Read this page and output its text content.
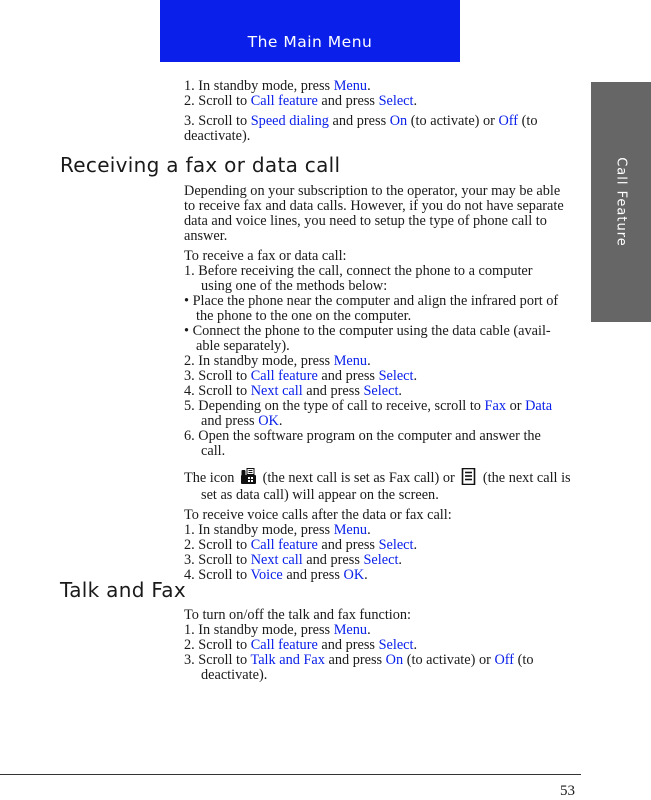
The Main Menu
Call Feature
1. In standby mode, press Menu.
2. Scroll to Call feature and press Select.
3. Scroll to Speed dialing and press On (to activate) or Off (to
deactivate).
Receiving a fax or data call
Depending on your subscription to the operator, your may be able
to receive fax and data calls. However, if you do not have separate
data and voice lines, you need to setup the type of phone call to
answer.
To receive a fax or data call:
1. Before receiving the call, connect the phone to a computer
using one of the methods below:
• Place the phone near the computer and align the infrared port of
the phone to the one on the computer.
• Connect the phone to the computer using the data cable (avail-
able separately).
2. In standby mode, press Menu.
3. Scroll to Call feature and press Select.
4. Scroll to Next call and press Select.
5. Depending on the type of call to receive, scroll to Fax or Data
and press OK.
6. Open the software program on the computer and answer the
call.
The icon  (the next call is set as Fax call) or  (the next call is
set as data call) will appear on the screen.
To receive voice calls after the data or fax call:
1. In standby mode, press Menu.
2. Scroll to Call feature and press Select.
3. Scroll to Next call and press Select.
4. Scroll to Voice and press OK.
Talk and Fax
To turn on/off the talk and fax function:
1. In standby mode, press Menu.
2. Scroll to Call feature and press Select.
3. Scroll to Talk and Fax and press On (to activate) or Off (to
deactivate).
53
